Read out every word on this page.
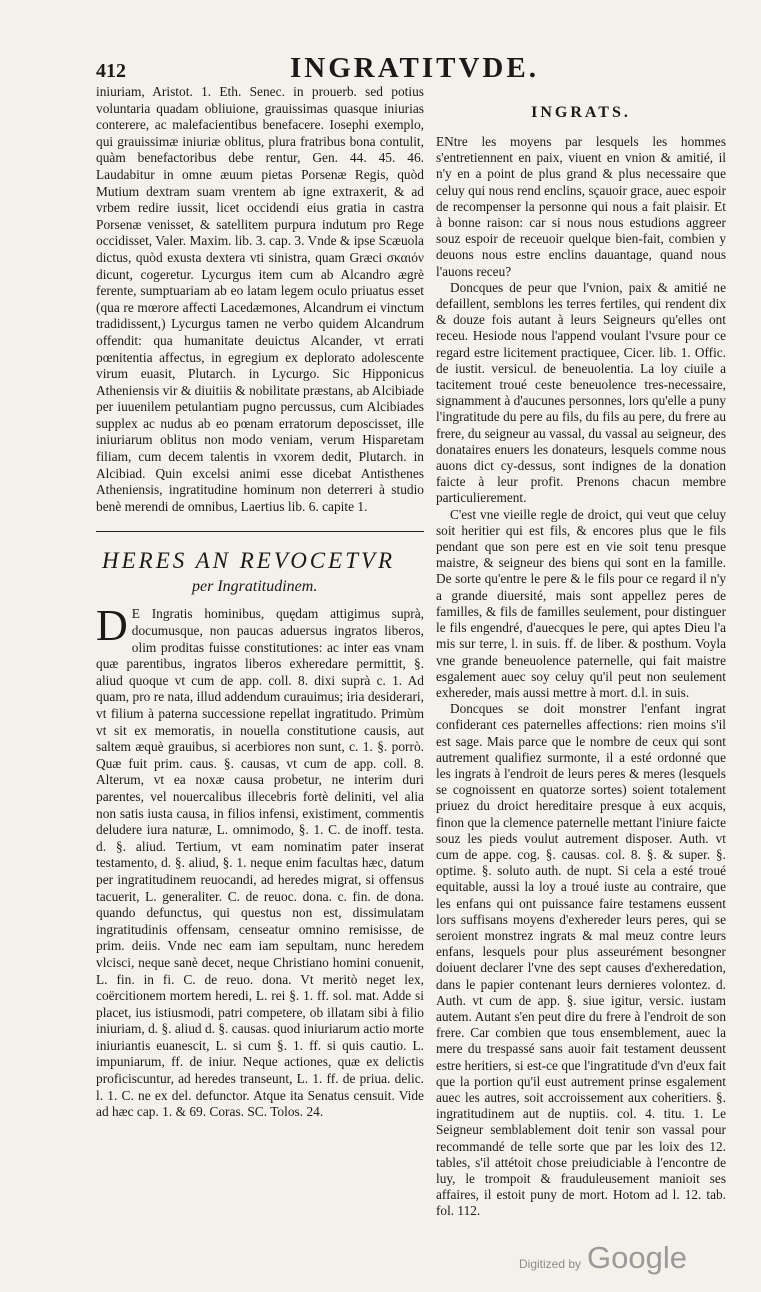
412	INGRATITVDE.

iniuriam, Aristot. 1. Eth. Senec. in prouerb. sed potius voluntaria quadam obliuione, grauissimas quasque iniurias conterere, ac malefacientibus benefacere. Iosephi exemplo, qui grauissimæ iniuriæ oblitus, plura fratribus bona contulit, quàm benefactoribus debe rentur, Gen. 44. 45. 46. Laudabitur in omne æuum pietas Porsenæ Regis, quòd Mutium dextram suam vrentem ab igne extraxerit, & ad vrbem redire iussit, licet occidendi eius gratia in castra Porsenæ venisset, & satellitem purpura indutum pro Rege occidisset, Valer. Maxim. lib. 3. cap. 3. Vnde & ipse Scæuola dictus, quòd exusta dextera vti sinistra, quam Græci σκαιόν dicunt, cogeretur. Lycurgus item cum ab Alcandro ægrè ferente, sumptuariam ab eo latam legem oculo priuatus esset (qua re mœrore affecti Lacedæmones, Alcandrum ei vinctum tradidissent,) Lycurgus tamen ne verbo quidem Alcandrum offendit: qua humanitate deuictus Alcander, vt errati pœnitentia affectus, in egregium ex deplorato adolescente virum euasit, Plutarch. in Lycurgo. Sic Hipponicus Atheniensis vir & diuitiis & nobilitate præstans, ab Alcibiade per iuuenilem petulantiam pugno percussus, cum Alcibiades supplex ac nudus ab eo pœnam erratorum deposcisset, ille iniuriarum oblitus non modo veniam, verum Hisparetam filiam, cum decem talentis in vxorem dedit, Plutarch. in Alcibiad. Quin excelsi animi esse dicebat Antisthenes Atheniensis, ingratitudine hominum non deterreri à studio benè merendi de omnibus, Laertius lib. 6. capite 1.

HERES AN REVOCETVR
per Ingratitudinem.

D E Ingratis hominibus, quędam attigimus suprà, documusque, non paucas aduersus ingratos liberos, olim proditas fuisse constitutiones: ac inter eas vnam quæ parentibus, ingratos liberos exheredare permittit, §. aliud quoque vt cum de app. coll. 8. dixi suprà c. 1. Ad quam, pro re nata, illud addendum curauimus; iria desiderari, vt filium à paterna successione repellat ingratitudo. Primùm vt sit ex memoratis, in nouella constitutione causis, aut saltem æquè grauibus, si acerbiores non sunt, c. 1. §. porrò. Quæ fuit prim. caus. §. causas, vt cum de app. coll. 8. Alterum, vt ea noxæ causa probetur, ne interim duri parentes, vel nouercalibus illecebris fortè deliniti, vel alia non satis iusta causa, in filios infensi, existiment, commentis deludere iura naturæ, L. omnimodo, §. 1. C. de inoff. testa. d. §. aliud. Tertium, vt eam nominatim pater inserat testamento, d. §. aliud, §. 1. neque enim facultas hæc, datum per ingratitudinem reuocandi, ad heredes migrat, si offensus tacuerit, L. generaliter. C. de reuoc. dona. c. fin. de dona. quando defunctus, qui questus non est, dissimulatam ingratitudinis offensam, censeatur omnino remisisse, de prim. deiis. Vnde nec eam iam sepultam, nunc heredem vlcisci, neque sanè decet, neque Christiano homini conuenit, L. fin. in fi. C. de reuo. dona. Vt meritò neget lex, coërcitionem mortem heredi, L. rei §. 1. ff. sol. mat. Adde si placet, ius istiusmodi, patri competere, ob illatam sibi à filio iniuriam, d. §. aliud d. §. causas. quod iniuriarum actio morte iniuriantis euanescit, L. si cum §. 1. ff. si quis cautio. L. impuniarum, ff. de iniur. Neque actiones, quæ ex delictis proficiscuntur, ad heredes transeunt, L. 1. ff. de priua. delic. l. 1. C. ne ex del. defunctor. Atque ita Senatus censuit. Vide ad hæc cap. 1. & 69. Coras. SC. Tolos. 24.

INGRATS.

ENtre les moyens par lesquels les hommes s'entretiennent en paix, viuent en vnion & amitié, il n'y en a point de plus grand & plus necessaire que celuy qui nous rend enclins, sçauoir grace, auec espoir de recompenser la personne qui nous a fait plaisir. Et à bonne raison: car si nous nous estudions aggreer souz espoir de receuoir quelque bien-fait, combien y deuons nous estre enclins dauantage, quand nous l'auons receu?

Doncques de peur que l'vnion, paix & amitié ne defaillent, semblons les terres fertiles, qui rendent dix & douze fois autant à leurs Seigneurs qu'elles ont receu. Hesiode nous l'append voulant l'vsure pour ce regard estre licitement practiquee, Cicer. lib. 1. Offic. de iustit. versicul. de beneuolentia. La loy ciuile a tacitement troué ceste beneuolence tres-necessaire, signamment à d'aucunes personnes, lors qu'elle a puny l'ingratitude du pere au fils, du fils au pere, du frere au frere, du seigneur au vassal, du vassal au seigneur, des donataires enuers les donateurs, lesquels comme nous auons dict cy-dessus, sont indignes de la donation faicte à leur profit. Prenons chacun membre particulierement.

C'est vne vieille regle de droict, qui veut que celuy soit heritier qui est fils, & encores plus que le fils pendant que son pere est en vie soit tenu presque maistre, & seigneur des biens qui sont en la famille. De sorte qu'entre le pere & le fils pour ce regard il n'y a grande diuersité, mais sont appellez peres de familles, & fils de familles seulement, pour distinguer le fils engendré, d'auecques le pere, qui aptes Dieu l'a mis sur terre, l. in suis. ff. de liber. & posthum. Voyla vne grande beneuolence paternelle, qui fait maistre esgalement auec soy celuy qu'il peut non seulement exhereder, mais aussi mettre à mort. d.l. in suis.

Doncques se doit monstrer l'enfant ingrat confiderant ces paternelles affections: rien moins s'il est sage. Mais parce que le nombre de ceux qui sont autrement qualifiez surmonte, il a esté ordonné que les ingrats à l'endroit de leurs peres & meres (lesquels se cognoissent en quatorze sortes) soient totalement priuez du droict hereditaire presque à eux acquis, finon que la clemence paternelle mettant l'iniure faicte souz les pieds voulut autrement disposer. Auth. vt cum de appe. cog. §. causas. col. 8. §. & super. §. optime. §. soluto auth. de nupt. Si cela a esté troué equitable, aussi la loy a troué iuste au contraire, que les enfans qui ont puissance faire testamens eussent lors suffisans moyens d'exhereder leurs peres, qui se seroient monstrez ingrats & mal meuz contre leurs enfans, lesquels pour plus asseurément besongner doiuent declarer l'vne des sept causes d'exheredation, dans le papier contenant leurs dernieres volontez. d. Auth. vt cum de app. §. siue igitur, versic. iustam autem. Autant s'en peut dire du frere à l'endroit de son frere. Car combien que tous ensemblement, auec la mere du trespassé sans auoir fait testament deussent estre heritiers, si est-ce que l'ingratitude d'vn d'eux fait que la portion qu'il eust autrement prinse esgalement auec les autres, soit accroissement aux coheritiers. §. ingratitudinem aut de nuptiis. col. 4. titu. 1. Le Seigneur semblablement doit tenir son vassal pour recommandé de telle sorte que par les loix des 12. tables, s'il attétoit chose preiudiciable à l'encontre de luy, le trompoit & frauduleusement manioit ses affaires, il estoit puny de mort. Hotom ad l. 12. tab. fol. 112.

Digitized by Google
